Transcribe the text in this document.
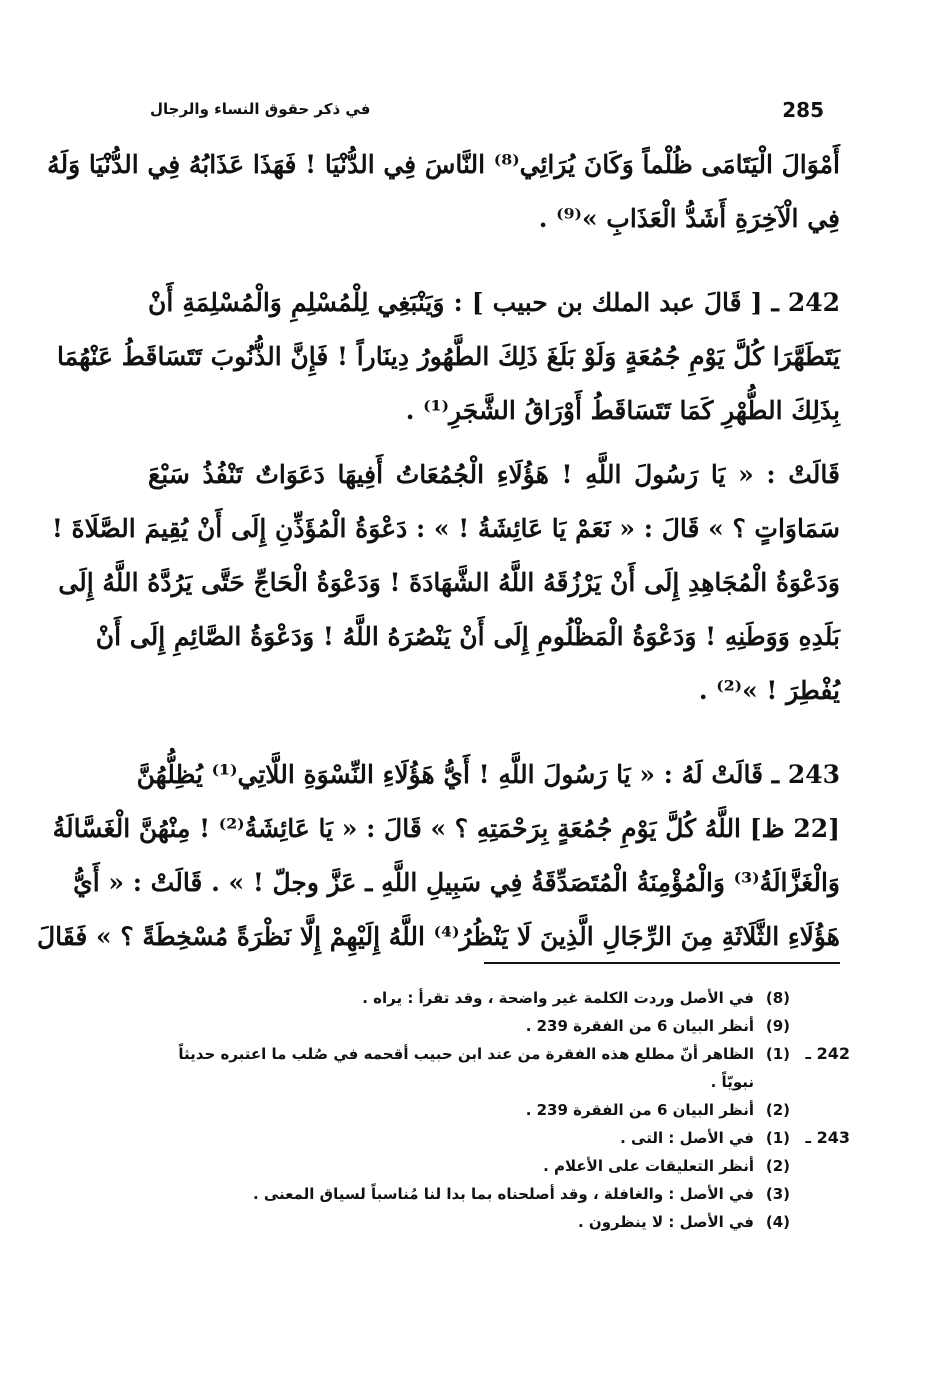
285
في ذكر حقوق النساء والرجال
أَمْوَالَ الْيَتَامَى ظُلْماً وَكَانَ يُرَائِي⁽⁸⁾ النَّاسَ فِي الدُّنْيَا ! فَهَذَا عَذَابُهُ فِي الدُّنْيَا وَلَهُ
فِي الْآخِرَةِ أَشَدُّ الْعَذَابِ »⁽⁹⁾ .
242 ـ [ قَالَ عبد الملك بن حبيب ] : وَيَنْبَغِي لِلْمُسْلِمِ وَالْمُسْلِمَةِ أَنْ
يَتَطَهَّرَا كُلَّ يَوْمِ جُمُعَةٍ وَلَوْ بَلَغَ ذَلِكَ الطَّهُورُ دِينَاراً ! فَإِنَّ الذُّنُوبَ تَتَسَاقَطُ عَنْهُمَا
بِذَلِكَ الطُّهْرِ كَمَا تَتَسَاقَطُ أَوْرَاقُ الشَّجَرِ⁽¹⁾ .
قَالَتْ : « يَا رَسُولَ اللَّهِ ! هَؤُلَاءِ الْجُمُعَاتُ أَفِيهَا دَعَوَاتٌ تَنْفُذُ سَبْعَ
سَمَاوَاتٍ ؟ » قَالَ : « نَعَمْ يَا عَائِشَةُ ! » : دَعْوَةُ الْمُؤَذِّنِ إِلَى أَنْ يُقِيمَ الصَّلَاةَ !
وَدَعْوَةُ الْمُجَاهِدِ إِلَى أَنْ يَرْزُقَهُ اللَّهُ الشَّهَادَةَ ! وَدَعْوَةُ الْحَاجِّ حَتَّى يَرُدَّهُ اللَّهُ إِلَى
بَلَدِهِ وَوَطَنِهِ ! وَدَعْوَةُ الْمَظْلُومِ إِلَى أَنْ يَنْصُرَهُ اللَّهُ ! وَدَعْوَةُ الصَّائِمِ إِلَى أَنْ
يُفْطِرَ ! »⁽²⁾ .
243 ـ قَالَتْ لَهُ : « يَا رَسُولَ اللَّهِ ! أَيُّ هَؤُلَاءِ النِّسْوَةِ اللَّاتِي⁽¹⁾ يُظِلُّهُنَّ
[22 ظ] اللَّهُ كُلَّ يَوْمِ جُمُعَةٍ بِرَحْمَتِهِ ؟ » قَالَ : « يَا عَائِشَةُ⁽²⁾ ! مِنْهُنَّ الْغَسَّالَةُ
وَالْغَزَّالَةُ⁽³⁾ وَالْمُؤْمِنَةُ الْمُتَصَدِّقَةُ فِي سَبِيلِ اللَّهِ ـ عَزَّ وجلّ ! » . قَالَتْ : « أَيُّ
هَؤُلَاءِ الثَّلَاثَةِ مِنَ الرِّجَالِ الَّذِينَ لَا يَنْظُرُ⁽⁴⁾ اللَّهُ إِلَيْهِمْ إِلَّا نَظْرَةً مُسْخِطَةً ؟ » فَقَالَ
(8)
في الأصل وردت الكلمة غير واضحة ، وقد تقرأ : يراه .
(9)
أنظر البيان 6 من الفقرة 239 .
242 ـ
(1)
الظاهر أنّ مطلع هذه الفقرة من عند ابن حبيب أقحمه في صُلب ما اعتبره حديثاً نبويّاً .
(2)
أنظر البيان 6 من الفقرة 239 .
243 ـ
(1)
في الأصل : التى .
(2)
أنظر التعليقات على الأعلام .
(3)
في الأصل : والغافلة ، وقد أصلحناه بما بدا لنا مُناسباً لسياق المعنى .
(4)
في الأصل : لا ينظرون .
